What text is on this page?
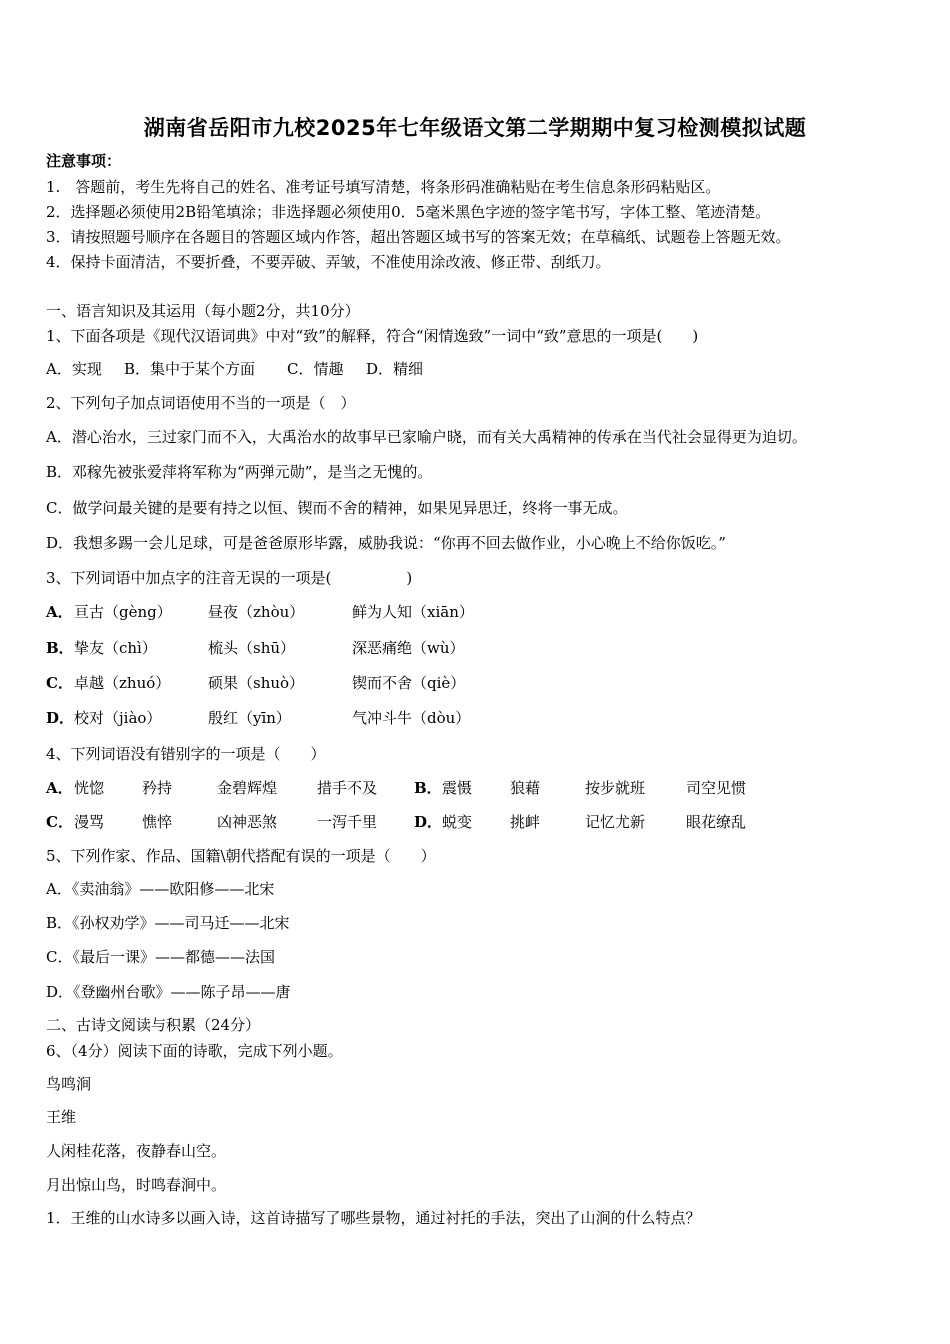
湖南省岳阳市九校2025年七年级语文第二学期期中复习检测模拟试题
注意事项：
1.　答题前，考生先将自己的姓名、准考证号填写清楚，将条形码准确粘贴在考生信息条形码粘贴区。
2．选择题必须使用2B铅笔填涂；非选择题必须使用0．5毫米黑色字迹的签字笔书写，字体工整、笔迹清楚。
3．请按照题号顺序在各题目的答题区域内作答，超出答题区域书写的答案无效；在草稿纸、试题卷上答题无效。
4．保持卡面清洁，不要折叠，不要弄破、弄皱，不准使用涂改液、修正带、刮纸刀。
一、语言知识及其运用（每小题2分，共10分）
1、下面各项是《现代汉语词典》中对“致”的解释，符合“闲情逸致”一词中“致”意思的一项是(　　)
A．实现 B．集中于某个方面 C．情趣 D．精细
2、下列句子加点词语使用不当的一项是（　）
A．潜心治水，三过家门而不入，大禹治水的故事早已家喻户晓，而有关大禹精神的传承在当代社会显得更为迫切。
B．邓稼先被张爱萍将军称为“两弹元勋”，是当之无愧的。
C．做学问最关键的是要有持之以恒、锲而不舍的精神，如果见异思迁，终将一事无成。
D．我想多踢一会儿足球，可是爸爸原形毕露，威胁我说：“你再不回去做作业，小心晚上不给你饭吃。”
3、下列词语中加点字的注音无误的一项是(　　　　　)
A． 亘古（gèng） 昼夜（zhòu）	鲜为人知（xiān）
B． 挚友（chì）	梳头（shū）	深恶痛绝（wù）
C． 卓越（zhuó）	硕果（shuò）	锲而不舍（qiè）
D． 校对（jiào）	殷红（yīn）	气冲斗牛（dòu）
4、下列词语没有错别字的一项是（　　）
A． 恍惚	矜持	金碧辉煌	措手不及 B． 震慑	狼藉	按步就班	司空见惯
C． 漫骂	憔悴	凶神恶煞	一泻千里 D． 蜕变	挑衅	记忆尤新	眼花缭乱
5、下列作家、作品、国籍\朝代搭配有误的一项是（　　）
A．《卖油翁》——欧阳修——北宋
B．《孙权劝学》——司马迁——北宋
C．《最后一课》——都德——法国
D．《登幽州台歌》——陈子昂——唐
二、古诗文阅读与积累（24分）
6、（4分）阅读下面的诗歌，完成下列小题。
鸟鸣涧
王维
人闲桂花落，夜静春山空。
月出惊山鸟，时鸣春涧中。
1．王维的山水诗多以画入诗，这首诗描写了哪些景物，通过衬托的手法，突出了山涧的什么特点？
